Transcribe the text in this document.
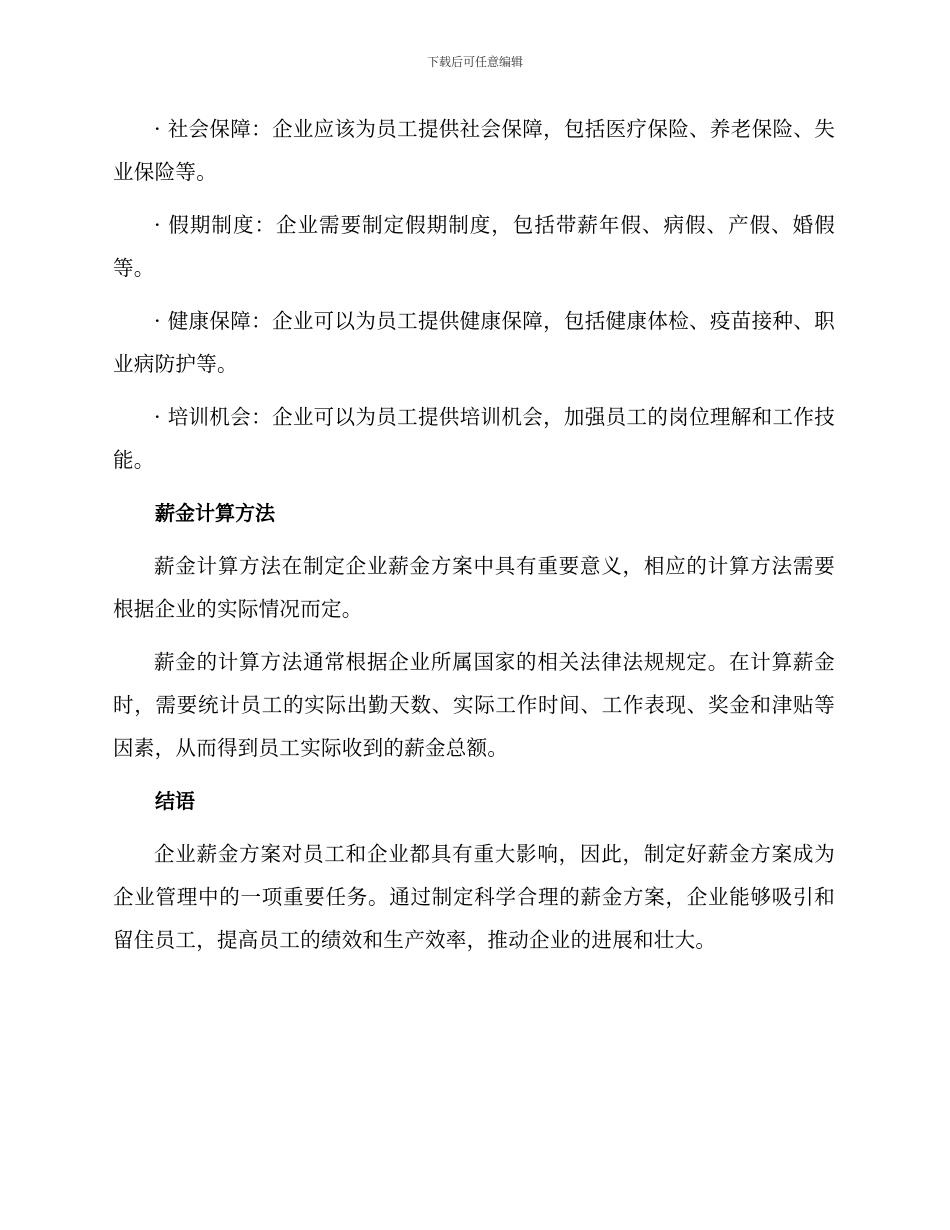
下载后可任意编辑

· 社会保障：企业应该为员工提供社会保障，包括医疗保险、养老保险、失业保险等。

· 假期制度：企业需要制定假期制度，包括带薪年假、病假、产假、婚假等。

· 健康保障：企业可以为员工提供健康保障，包括健康体检、疫苗接种、职业病防护等。

· 培训机会：企业可以为员工提供培训机会，加强员工的岗位理解和工作技能。

薪金计算方法

薪金计算方法在制定企业薪金方案中具有重要意义，相应的计算方法需要根据企业的实际情况而定。

薪金的计算方法通常根据企业所属国家的相关法律法规规定。在计算薪金时，需要统计员工的实际出勤天数、实际工作时间、工作表现、奖金和津贴等因素，从而得到员工实际收到的薪金总额。

结语

企业薪金方案对员工和企业都具有重大影响，因此，制定好薪金方案成为企业管理中的一项重要任务。通过制定科学合理的薪金方案，企业能够吸引和留住员工，提高员工的绩效和生产效率，推动企业的进展和壮大。
